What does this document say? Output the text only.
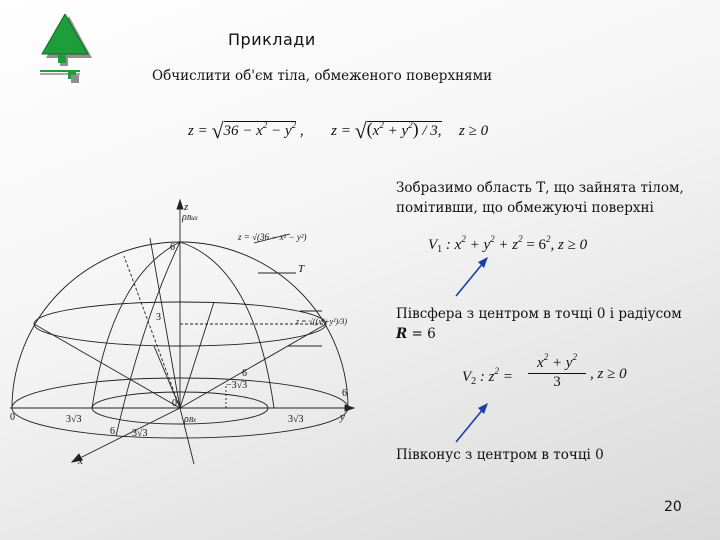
Приклади
Обчислити об'єм тіла, обмеженого поверхнями
$z = √36 - x^2 - y^2$ , $z = √(x^2 + y^2) / 3$, z ≥ 0
Зобразимо область Т, що зайнята тілом,
помітивши, що обмежуючі поверхні
$V_1$ : $x^2 + y^2 + z^2 = 6^2$, z ≥ 0
Півсфера з центром в точці 0 і радіусом
R = 6
$V_2$ : $z^2 = \frac{x^2 + y^2}{3}$ , z ≥ 0
Півконус з центром в точці 0
20
z
y
x
T
6
3
0
0
6
6
6
3√3	3√3
3√3
−3√3
ρВиx
ρВх
z = √(36 − x² − y²)
z = √((x²+y²)/3)
